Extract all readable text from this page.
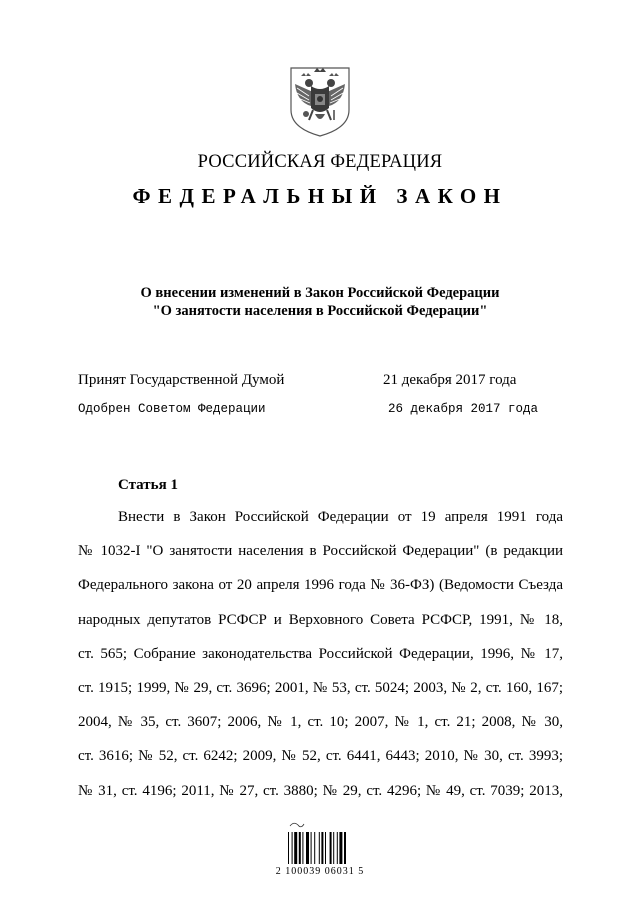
РОССИЙСКАЯ ФЕДЕРАЦИЯ
ФЕДЕРАЛЬНЫЙ ЗАКОН
О внесении изменений в Закон Российской Федерации
"О занятости населения в Российской Федерации"
Принят Государственной Думой	21 декабря 2017 года
Одобрен Советом Федерации	26 декабря 2017 года
Статья 1
Внести в Закон Российской Федерации от 19 апреля 1991 года
№ 1032-I "О занятости населения в Российской Федерации" (в редакции
Федерального закона от 20 апреля 1996 года № 36-ФЗ) (Ведомости Съезда
народных депутатов РСФСР и Верховного Совета РСФСР, 1991, № 18,
ст. 565; Собрание законодательства Российской Федерации, 1996, № 17,
ст. 1915; 1999, № 29, ст. 3696; 2001, № 53, ст. 5024; 2003, № 2, ст. 160, 167;
2004, № 35, ст. 3607; 2006, № 1, ст. 10; 2007, № 1, ст. 21; 2008, № 30,
ст. 3616; № 52, ст. 6242; 2009, № 52, ст. 6441, 6443; 2010, № 30, ст. 3993;
№ 31, ст. 4196; 2011, № 27, ст. 3880; № 29, ст. 4296; № 49, ст. 7039; 2013,
2 100039 06031 5
